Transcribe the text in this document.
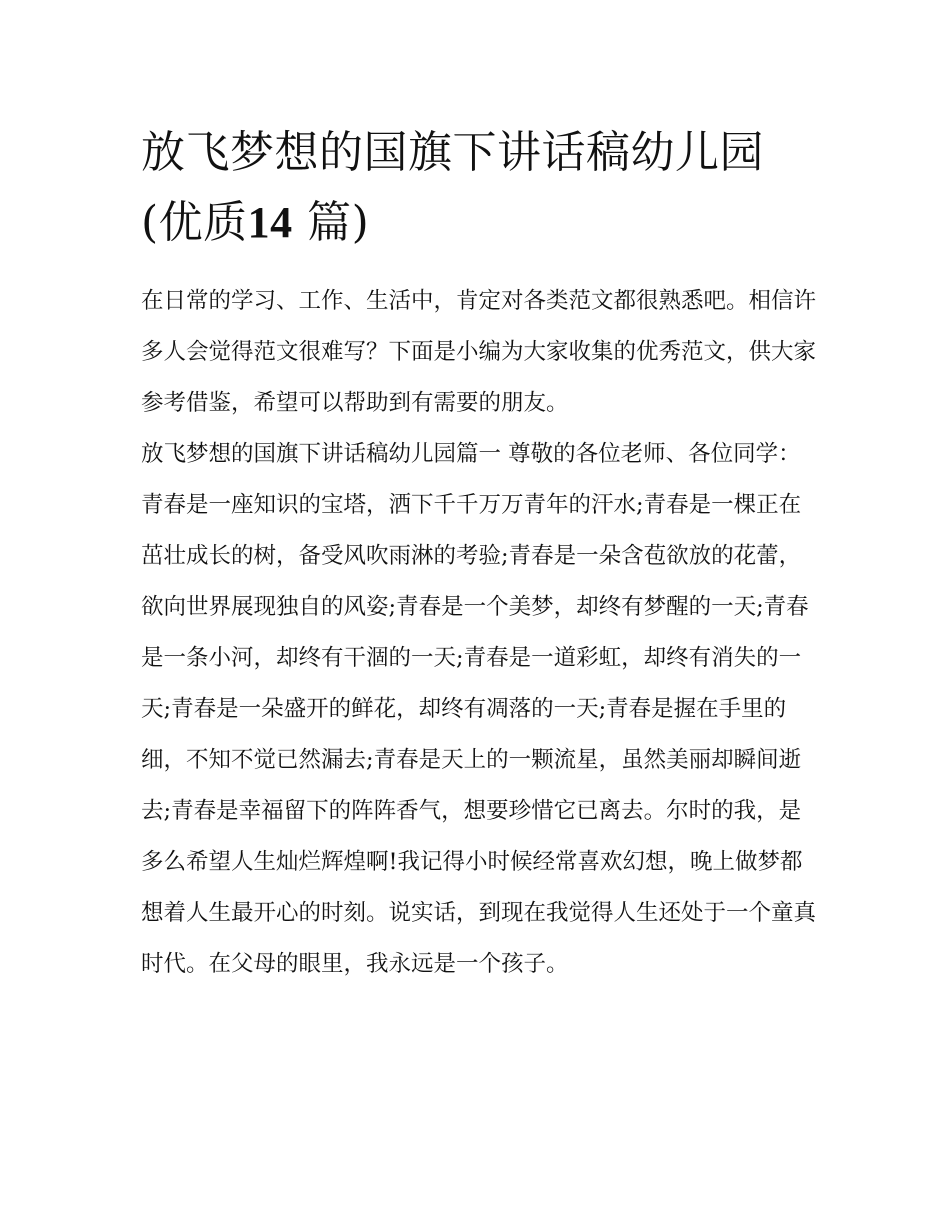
放飞梦想的国旗下讲话稿幼儿园(优质14 篇)

在日常的学习、工作、生活中，肯定对各类范文都很熟悉吧。相信许多人会觉得范文很难写？下面是小编为大家收集的优秀范文，供大家参考借鉴，希望可以帮助到有需要的朋友。

放飞梦想的国旗下讲话稿幼儿园篇一 尊敬的各位老师、各位同学：

青春是一座知识的宝塔，洒下千千万万青年的汗水;青春是一棵正在茁壮成长的树，备受风吹雨淋的考验;青春是一朵含苞欲放的花蕾，欲向世界展现独自的风姿;青春是一个美梦，却终有梦醒的一天;青春是一条小河，却终有干涸的一天;青春是一道彩虹，却终有消失的一天;青春是一朵盛开的鲜花，却终有凋落的一天;青春是握在手里的细，不知不觉已然漏去;青春是天上的一颗流星，虽然美丽却瞬间逝去;青春是幸福留下的阵阵香气，想要珍惜它已离去。尔时的我，是多么希望人生灿烂辉煌啊!我记得小时候经常喜欢幻想，晚上做梦都想着人生最开心的时刻。说实话，到现在我觉得人生还处于一个童真时代。在父母的眼里，我永远是一个孩子。
